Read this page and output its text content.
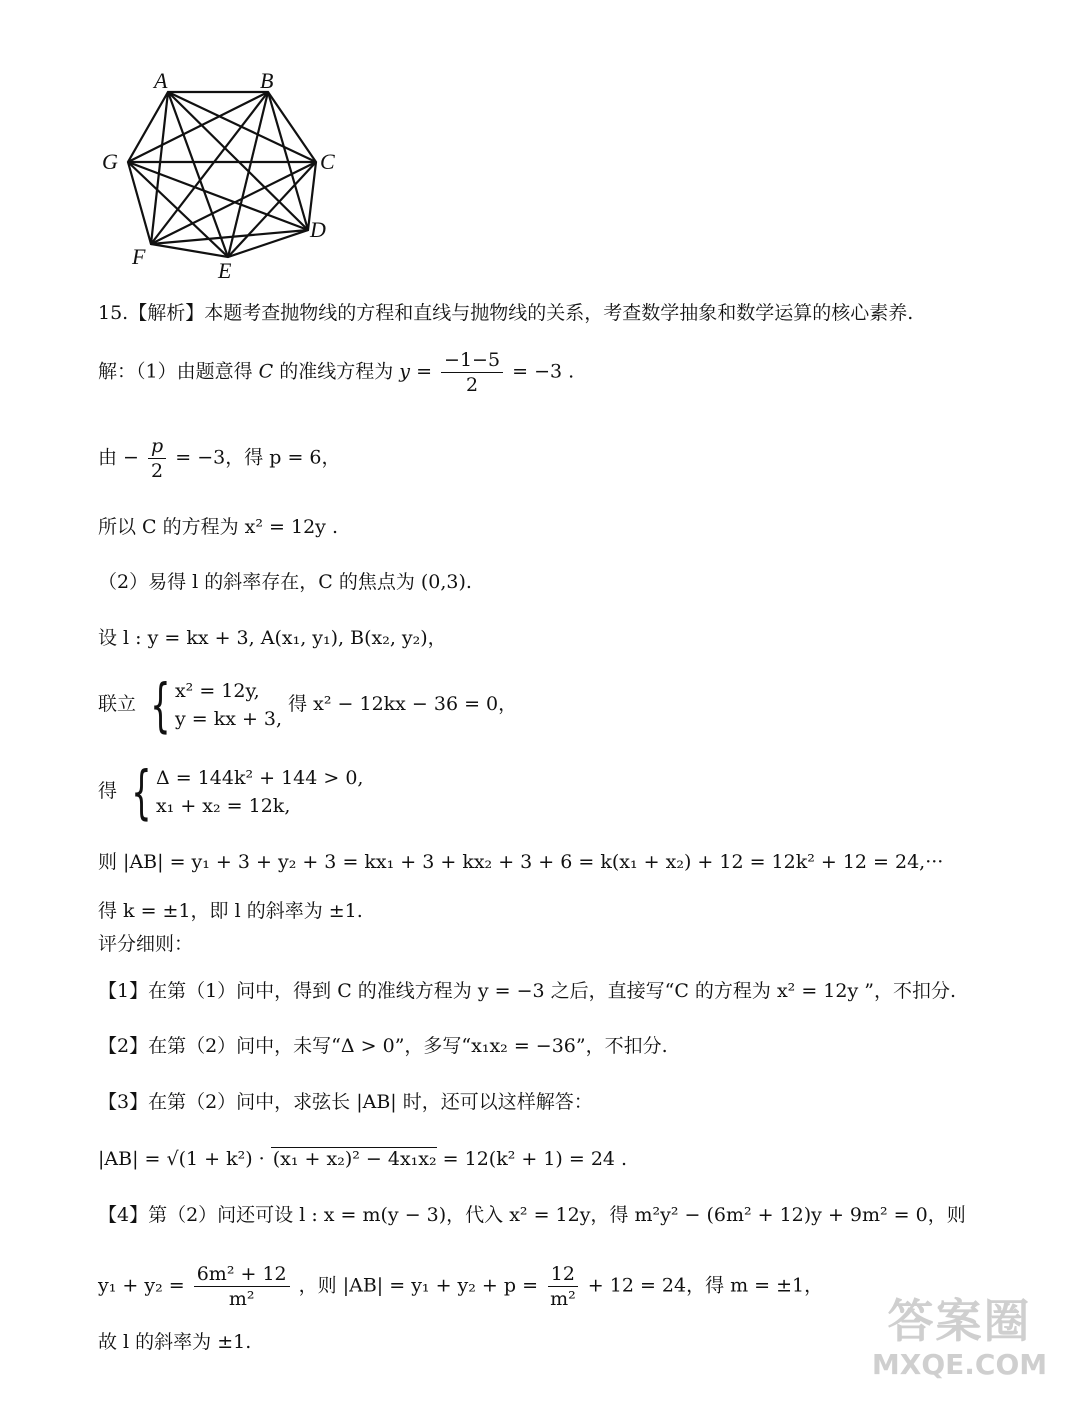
A	B
C
D
E
F
G
15.【解析】本题考查抛物线的方程和直线与抛物线的关系，考查数学抽象和数学运算的核心素养.
解：（1）由题意得 C 的准线方程为 $y = \frac{-1-5}{2} = -3$ .
由 − $\frac{p}{2} = -3$，得 p = 6，
所以 C 的方程为 x² = 12y .
（2）易得 l 的斜率存在，C 的焦点为 (0,3).
设 l : y = kx + 3, A(x₁, y₁), B(x₂, y₂)，
联立 { x² = 12y,
y = kx + 3,
得 x² − 12kx − 36 = 0，
得 { Δ = 144k² + 144 > 0,
x₁ + x₂ = 12k,
则 |AB| = y₁ + 3 + y₂ + 3 = kx₁ + 3 + kx₂ + 3 + 6 = k(x₁ + x₂) + 12 = 12k² + 12 = 24,···
得 k = ±1，即 l 的斜率为 ±1.
评分细则：
【1】在第（1）问中，得到 C 的准线方程为 y = −3 之后，直接写“C 的方程为 x² = 12y ”，不扣分.
【2】在第（2）问中，未写“Δ > 0”，多写“x₁x₂ = −36”，不扣分.
【3】在第（2）问中，求弦长 |AB| 时，还可以这样解答：
|AB| = √(1 + k²) · (x₁ + x₂)² − 4x₁x₂ = 12(k² + 1) = 24 .
【4】第（2）问还可设 l : x = m(y − 3)，代入 x² = 12y，得 m²y² − (6m² + 12)y + 9m² = 0，则
$y_1 + y_2 = \frac{\text{6m² + 12}}{\text{m²}}$ ，则 $|AB| = y_1 + y_2 + p = \frac{12}{\text{m²}} + 12 = 24$，得 m = ±1，
故 l 的斜率为 ±1.	答案圈
MXQE.COM
